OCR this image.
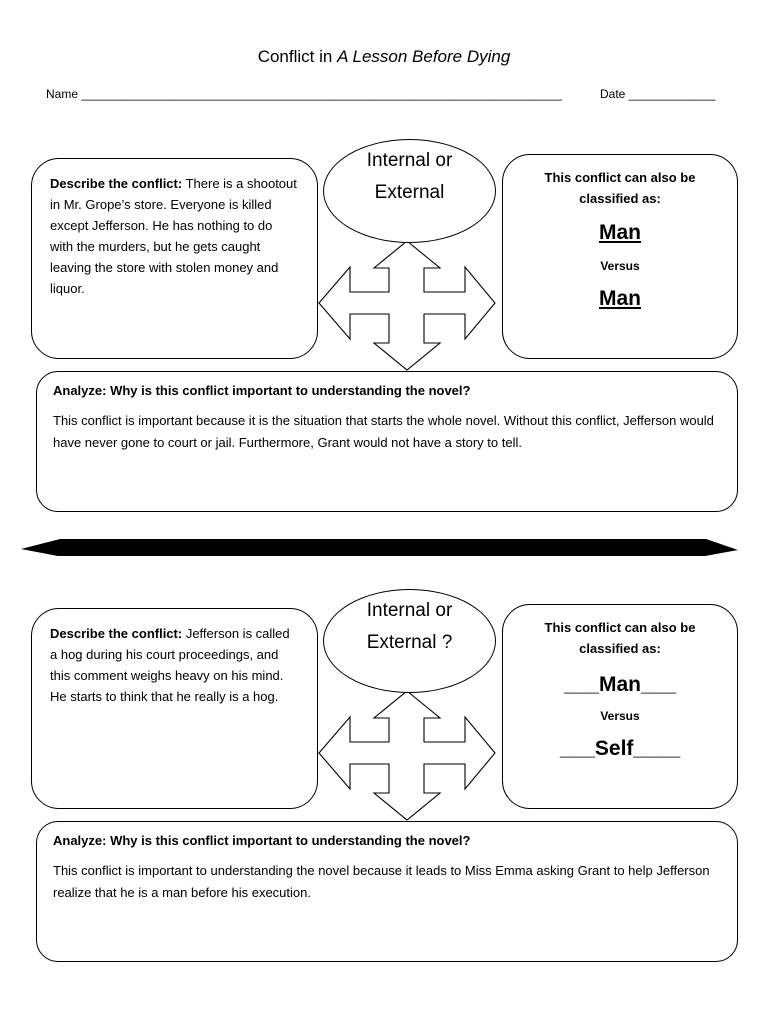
Conflict in A Lesson Before Dying
Name ________________________________________________________________________	Date _____________
Describe the conflict: There is a shootout in Mr. Grope’s store. Everyone is killed except Jefferson. He has nothing to do with the murders, but he gets caught leaving the store with stolen money and liquor.
Internal or
External
This conflict can also be classified as:
Man
Versus
Man
Analyze: Why is this conflict important to understanding the novel?
This conflict is important because it is the situation that starts the whole novel. Without this conflict, Jefferson would have never gone to court or jail. Furthermore, Grant would not have a story to tell.
Describe the conflict: Jefferson is called a hog during his court proceedings, and this comment weighs heavy on his mind. He starts to think that he really is a hog.
Internal or
External ?
This conflict can also be classified as:
___Man___
Versus
___Self____
Analyze: Why is this conflict important to understanding the novel?
This conflict is important to understanding the novel because it leads to Miss Emma asking Grant to help Jefferson realize that he is a man before his execution.
